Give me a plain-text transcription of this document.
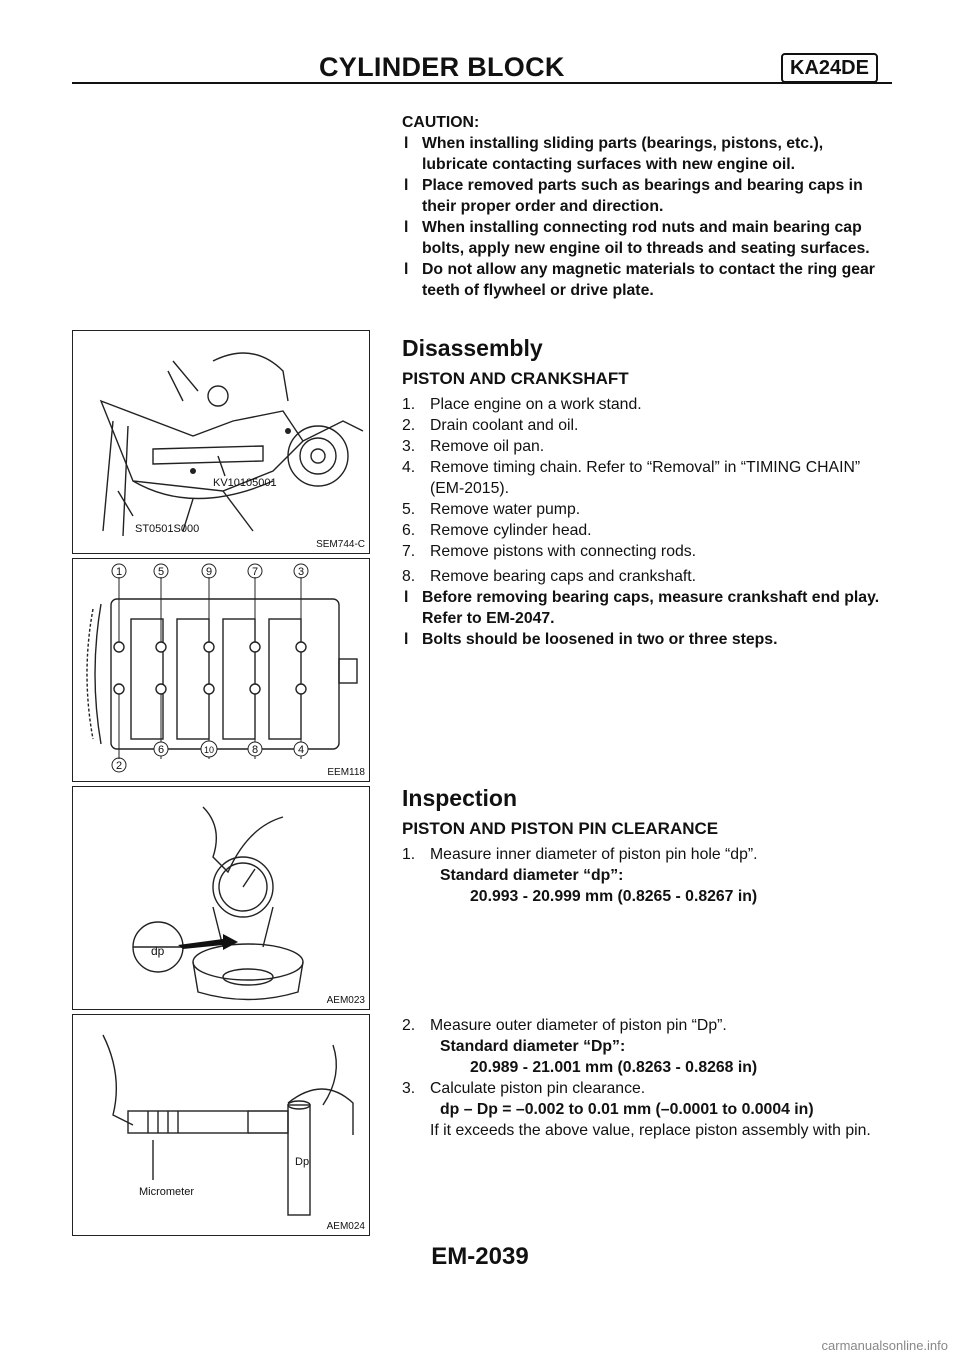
CYLINDER BLOCK	KA24DE
CAUTION:
l When installing sliding parts (bearings, pistons, etc.), lubricate contacting surfaces with new engine oil.
l Place removed parts such as bearings and bearing caps in their proper order and direction.
l When installing connecting rod nuts and main bearing cap bolts, apply new engine oil to threads and seating surfaces.
l Do not allow any magnetic materials to contact the ring gear teeth of flywheel or drive plate.
Disassembly
PISTON AND CRANKSHAFT
1. Place engine on a work stand.
2. Drain coolant and oil.
3. Remove oil pan.
4. Remove timing chain. Refer to “Removal” in “TIMING CHAIN” (EM-2015).
5. Remove water pump.
6. Remove cylinder head.
7. Remove pistons with connecting rods.
8. Remove bearing caps and crankshaft.
l Before removing bearing caps, measure crankshaft end play. Refer to EM-2047.
l Bolts should be loosened in two or three steps.
Inspection
PISTON AND PISTON PIN CLEARANCE
1. Measure inner diameter of piston pin hole “dp”.
Standard diameter “dp”:
20.993 - 20.999 mm (0.8265 - 0.8267 in)
2. Measure outer diameter of piston pin “Dp”.
Standard diameter “Dp”:
20.989 - 21.001 mm (0.8263 - 0.8268 in)
3. Calculate piston pin clearance.
dp – Dp = –0.002 to 0.01 mm (–0.0001 to 0.0004 in)
If it exceeds the above value, replace piston assembly with pin.
KV10105001
ST0501S000
SEM744-C
1	5	9	7	3
2
6	10	8	4
EEM118
dp
AEM023
Dp
Micrometer
AEM024
EM-2039
carmanualsonline.info
